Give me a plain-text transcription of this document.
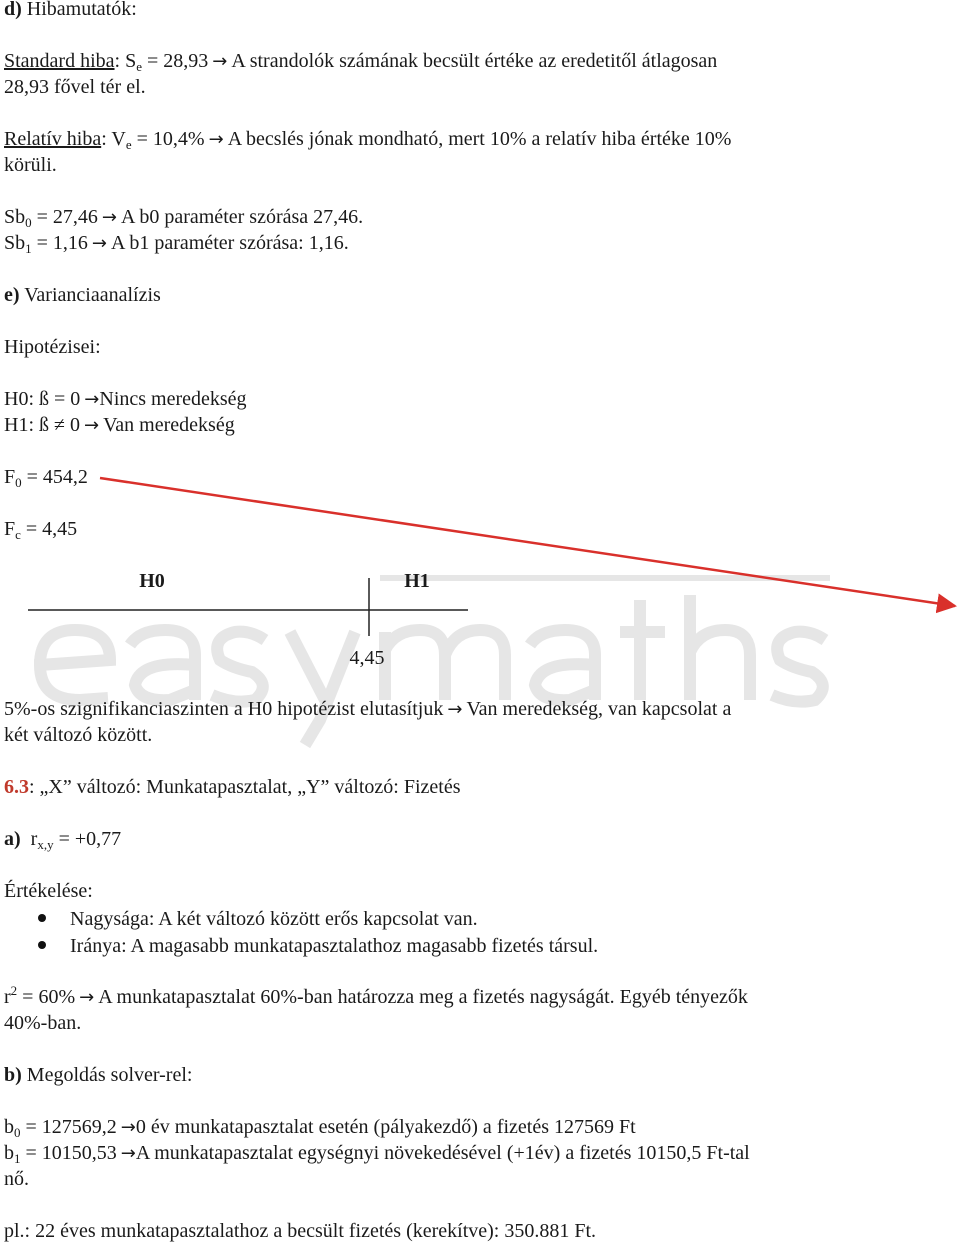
d) Hibamutatók:
Standard hiba: $S_e = 28,93 \to A$ strandolók számának becsült értéke az eredetitől átlagosan
28,93 fővel tér el.
Relatív hiba: $V_e = 10,4\% \to A$ becslés jónak mondható, mert 10% a relatív hiba értéke 10%
körüli.
$Sb_0 = 27,46 \to A$ b0 paraméter szórása 27,46.
$Sb_1 = 1,16 \to A$ b1 paraméter szórása: 1,16.
e) Varianciaanalízis
Hipotézisei:
H0: ß = 0 →Nincs meredekség
H1: ß ≠ 0 → Van meredekség
$F_0 = 454,2$
$F_c = 4,45$
H0	H1
4,45
5%-os szignifikanciaszinten a H0 hipotézist elutasítjuk → Van meredekség, van kapcsolat a
két változó között.
6.3: „X” változó: Munkatapasztalat, „Y” változó: Fizetés
a) $r_{x,y} = +0,77$
Értékelése:
Nagysága: A két változó között erős kapcsolat van.
Iránya: A magasabb munkatapasztalathoz magasabb fizetés társul.
$r^2 = 60\% \to A$ munkatapasztalat 60%-ban határozza meg a fizetés nagyságát. Egyéb tényezők
40%-ban.
b) Megoldás solver-rel:
$b_0 = 127569,2 \to 0$ év munkatapasztalat esetén (pályakezdő) a fizetés 127569 Ft
$b_1 = 10150,53 \to A$ munkatapasztalat egységnyi növekedésével (+1év) a fizetés 10150,5 Ft-tal
nő.
pl.: 22 éves munkatapasztalathoz a becsült fizetés (kerekítve): 350.881 Ft.
